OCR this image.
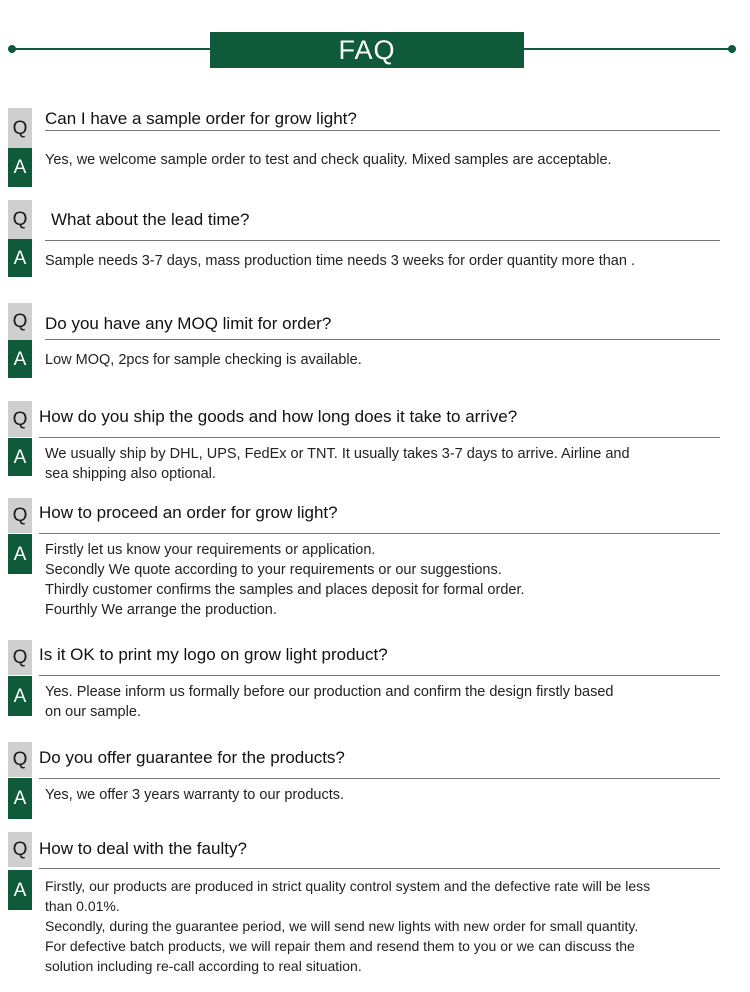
FAQ
Q Can I have a sample order for grow light?
A	Yes, we welcome sample order to test and check quality. Mixed samples are acceptable.
Q What about the lead time?
A	Sample needs 3-7 days, mass production time needs 3 weeks for order quantity more than .
Q Do you have any MOQ limit for order?
A	Low MOQ, 2pcs for sample checking is available.
Q How do you ship the goods and how long does it take to arrive?
A	We usually ship by DHL, UPS, FedEx or TNT. It usually takes 3-7 days to arrive. Airline and
sea shipping also optional.
Q How to proceed an order for grow light?
A	Firstly let us know your requirements or application.
Secondly We quote according to your requirements or our suggestions.
Thirdly customer confirms the samples and places deposit for formal order.
Fourthly We arrange the production.
Q Is it OK to print my logo on grow light product?
A	Yes. Please inform us formally before our production and confirm the design firstly based
on our sample.
Q Do you offer guarantee for the products?
A	Yes, we offer 3 years warranty to our products.
Q How to deal with the faulty?
A	Firstly, our products are produced in strict quality control system and the defective rate will be less
than 0.01%.
Secondly, during the guarantee period, we will send new lights with new order for small quantity.
For defective batch products, we will repair them and resend them to you or we can discuss the
solution including re-call according to real situation.
